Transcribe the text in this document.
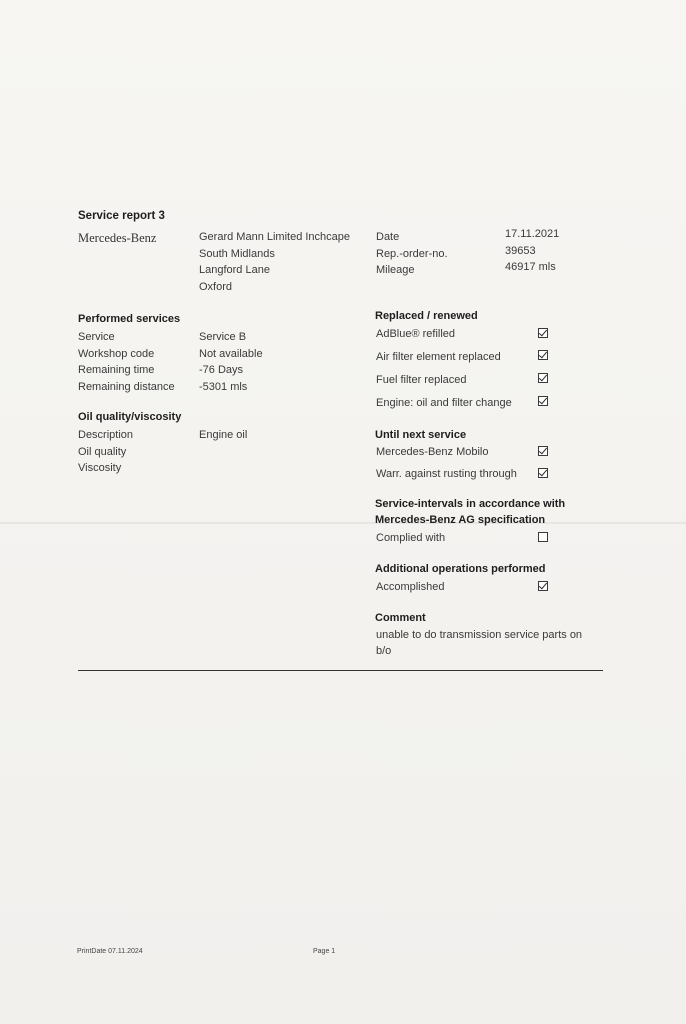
Service report 3
Mercedes-Benz	Gerard Mann Limited Inchcape
South Midlands
Langford Lane
Oxford
Date
Rep.-order-no.
Mileage
17.11.2021
39653
46917 mls
Performed services
Service
Workshop code
Remaining time
Remaining distance
Service B
Not available
-76 Days
-5301 mls
Oil quality/viscosity
Description
Oil quality
Viscosity
Engine oil
Replaced / renewed
AdBlue® refilled
Air filter element replaced
Fuel filter replaced
Engine: oil and filter change
Until next service
Mercedes-Benz Mobilo
Warr. against rusting through
Service-intervals in accordance with
Mercedes-Benz AG specification
Complied with
Additional operations performed
Accomplished
Comment
unable to do transmission service parts on
b/o
PrintDate 07.11.2024	Page 1
